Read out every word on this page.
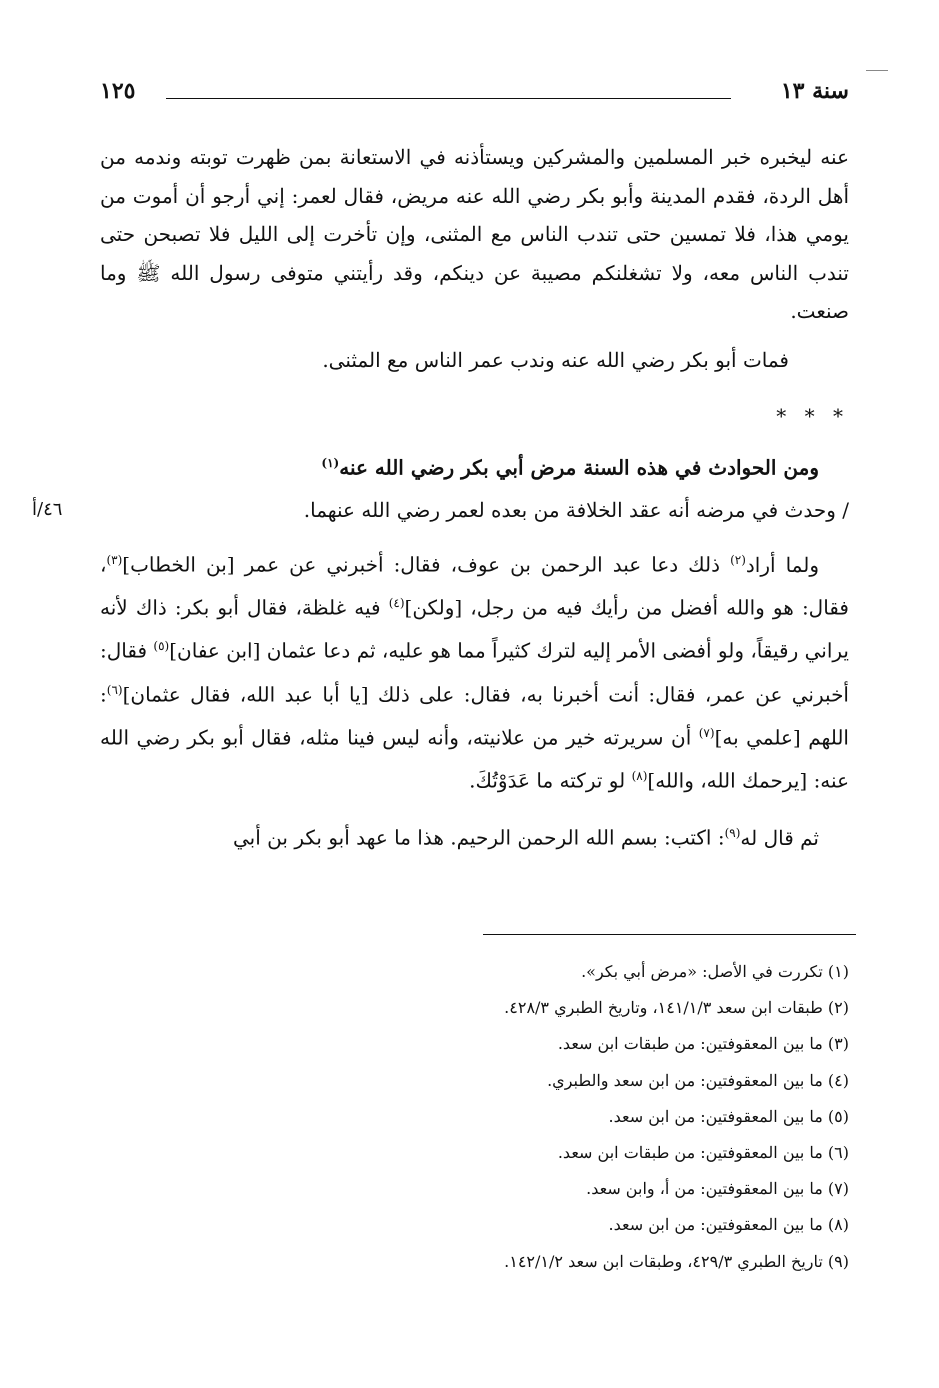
سنة ١٣
١٢٥

عنه ليخبره خبر المسلمين والمشركين ويستأذنه في الاستعانة بمن ظهرت توبته وندمه من أهل الردة، فقدم المدينة وأبو بكر رضي الله عنه مريض، فقال لعمر: إني أرجو أن أموت من يومي هذا، فلا تمسين حتى تندب الناس مع المثنى، وإن تأخرت إلى الليل فلا تصبحن حتى تندب الناس معه، ولا تشغلنكم مصيبة عن دينكم، وقد رأيتني متوفى رسول الله ﷺ وما صنعت.

فمات أبو بكر رضي الله عنه وندب عمر الناس مع المثنى.

* * *
ومن الحوادث في هذه السنة مرض أبي بكر رضي الله عنه$^{(١)}$
/ وحدث في مرضه أنه عقد الخلافة من بعده لعمر رضي الله عنهما.
٤٦/أ

ولما أراد$^{(٢)}$ ذلك دعا عبد الرحمن بن عوف، فقال: أخبرني عن عمر [بن الخطاب]$^{(٣)}$، فقال: هو والله أفضل من رأيك فيه من رجل، [ولكن]$^{(٤)}$ فيه غلظة، فقال أبو بكر: ذاك لأنه يراني رقيقاً، ولو أفضى الأمر إليه لترك كثيراً مما هو عليه، ثم دعا عثمان [ابن عفان]$^{(٥)}$ فقال: أخبرني عن عمر، فقال: أنت أخبرنا به، فقال: على ذلك [يا أبا عبد الله، فقال عثمان]$^{(٦)}$: اللهم [علمي به]$^{(٧)}$ أن سريرته خير من علانيته، وأنه ليس فينا مثله، فقال أبو بكر رضي الله عنه: [يرحمك الله، والله]$^{(٨)}$ لو تركته ما عَدَوْتُكَ.

ثم قال له$^{(٩)}$: اكتب: بسم الله الرحمن الرحيم. هذا ما عهد أبو بكر بن أبي

(١) تكررت في الأصل: «مرض أبي بكر».
(٢) طبقات ابن سعد ١٤١/١/٣، وتاريخ الطبري ٤٢٨/٣.
(٣) ما بين المعقوفتين: من طبقات ابن سعد.
(٤) ما بين المعقوفتين: من ابن سعد والطبري.
(٥) ما بين المعقوفتين: من ابن سعد.
(٦) ما بين المعقوفتين: من طبقات ابن سعد.
(٧) ما بين المعقوفتين: من أ، وابن سعد.
(٨) ما بين المعقوفتين: من ابن سعد.
(٩) تاريخ الطبري ٤٢٩/٣، وطبقات ابن سعد ١٤٢/١/٢.
